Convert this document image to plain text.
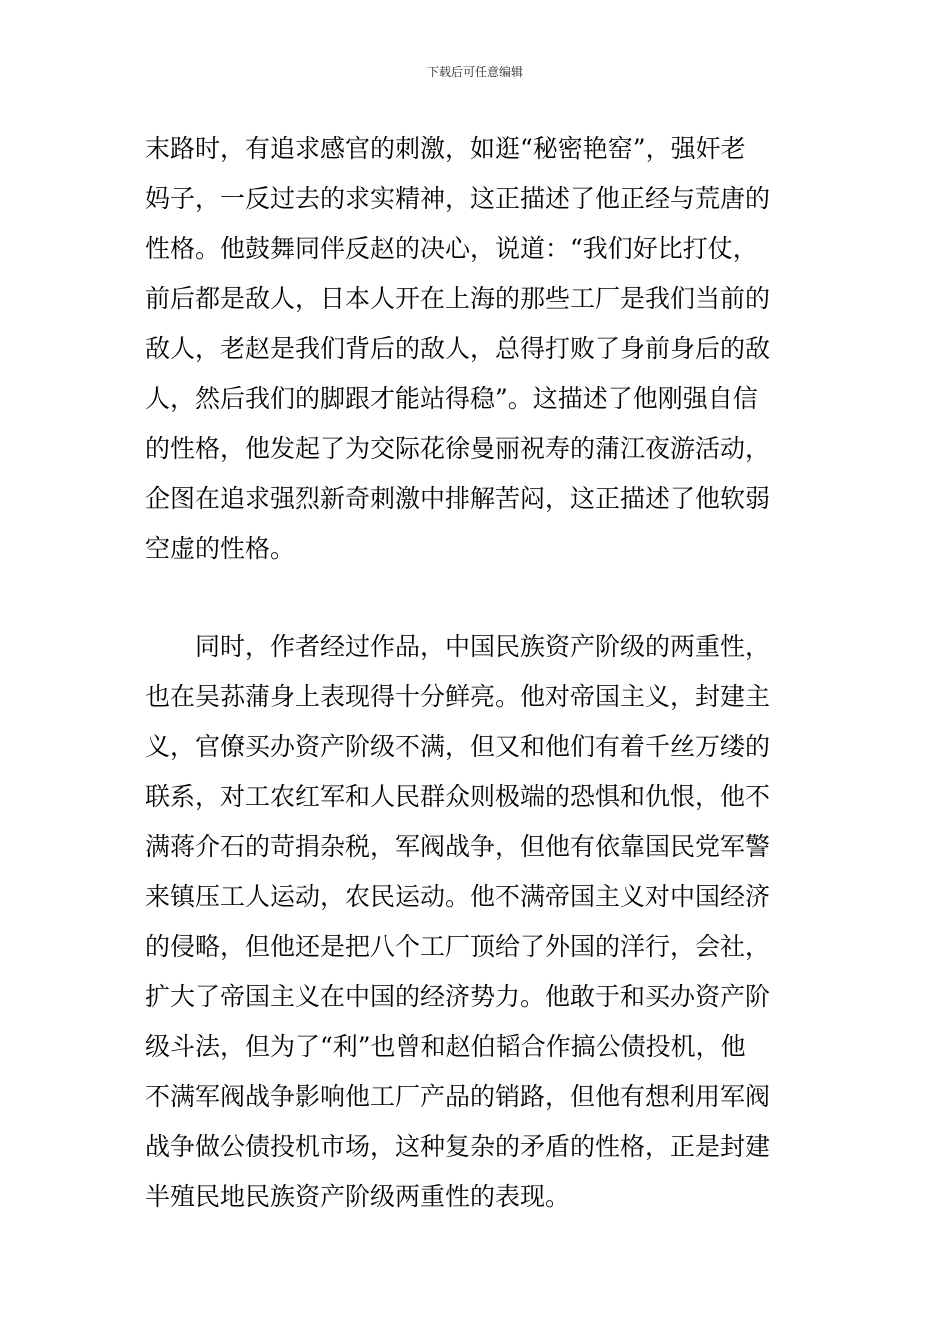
下载后可任意编辑
末路时，有追求感官的刺激，如逛“秘密艳窑”，强奸老
妈子，一反过去的求实精神，这正描述了他正经与荒唐的
性格。他鼓舞同伴反赵的决心，说道：“我们好比打仗，
前后都是敌人，日本人开在上海的那些工厂是我们当前的
敌人，老赵是我们背后的敌人，总得打败了身前身后的敌
人，然后我们的脚跟才能站得稳”。这描述了他刚强自信
的性格，他发起了为交际花徐曼丽祝寿的蒲江夜游活动，
企图在追求强烈新奇刺激中排解苦闷，这正描述了他软弱
空虚的性格。
同时，作者经过作品，中国民族资产阶级的两重性，
也在吴荪蒲身上表现得十分鲜亮。他对帝国主义，封建主
义，官僚买办资产阶级不满，但又和他们有着千丝万缕的
联系，对工农红军和人民群众则极端的恐惧和仇恨，他不
满蒋介石的苛捐杂税，军阀战争，但他有依靠国民党军警
来镇压工人运动，农民运动。他不满帝国主义对中国经济
的侵略，但他还是把八个工厂顶给了外国的洋行，会社，
扩大了帝国主义在中国的经济势力。他敢于和买办资产阶
级斗法，但为了“利”也曾和赵伯韬合作搞公债投机，他
不满军阀战争影响他工厂产品的销路，但他有想利用军阀
战争做公债投机市场，这种复杂的矛盾的性格，正是封建
半殖民地民族资产阶级两重性的表现。
